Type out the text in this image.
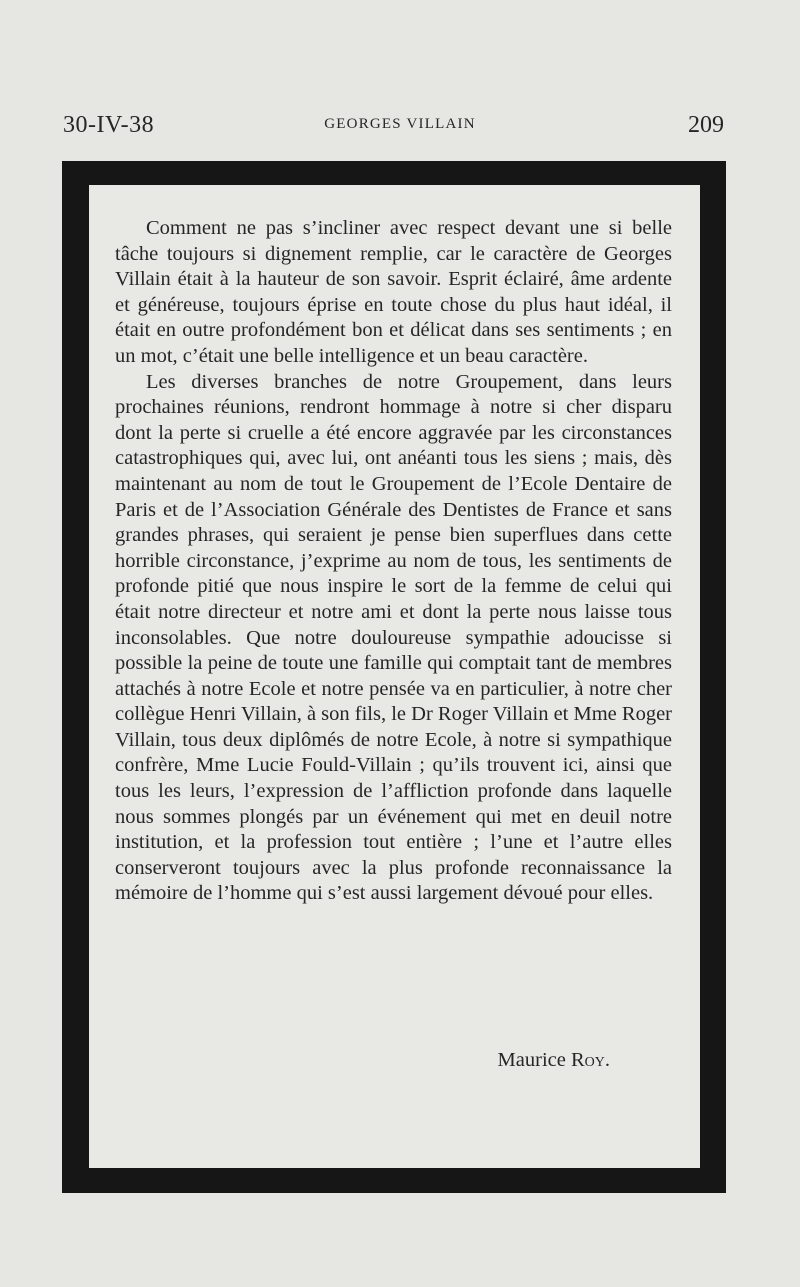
30-IV-38	GEORGES VILLAIN	209

Comment ne pas s’incliner avec respect devant une si belle tâche toujours si dignement remplie, car le caractère de Georges Villain était à la hauteur de son savoir. Esprit éclairé, âme ardente et généreuse, toujours éprise en toute chose du plus haut idéal, il était en outre profondément bon et délicat dans ses sentiments ; en un mot, c’était une belle intelligence et un beau caractère.

Les diverses branches de notre Groupement, dans leurs prochaines réunions, rendront hommage à notre si cher disparu dont la perte si cruelle a été encore aggravée par les circonstances catastrophiques qui, avec lui, ont anéanti tous les siens ; mais, dès maintenant au nom de tout le Groupement de l’Ecole Dentaire de Paris et de l’Association Générale des Dentistes de France et sans grandes phrases, qui seraient je pense bien superflues dans cette horrible circonstance, j’exprime au nom de tous, les sentiments de profonde pitié que nous inspire le sort de la femme de celui qui était notre directeur et notre ami et dont la perte nous laisse tous inconsolables. Que notre douloureuse sympathie adoucisse si possible la peine de toute une famille qui comptait tant de membres attachés à notre Ecole et notre pensée va en particulier, à notre cher collègue Henri Villain, à son fils, le Dr Roger Villain et Mme Roger Villain, tous deux diplômés de notre Ecole, à notre si sympathique confrère, Mme Lucie Fould-Villain ; qu’ils trouvent ici, ainsi que tous les leurs, l’expression de l’affliction profonde dans laquelle nous sommes plongés par un événement qui met en deuil notre institution, et la profession tout entière ; l’une et l’autre elles conserveront toujours avec la plus profonde reconnaissance la mémoire de l’homme qui s’est aussi largement dévoué pour elles.

Maurice Roy.
